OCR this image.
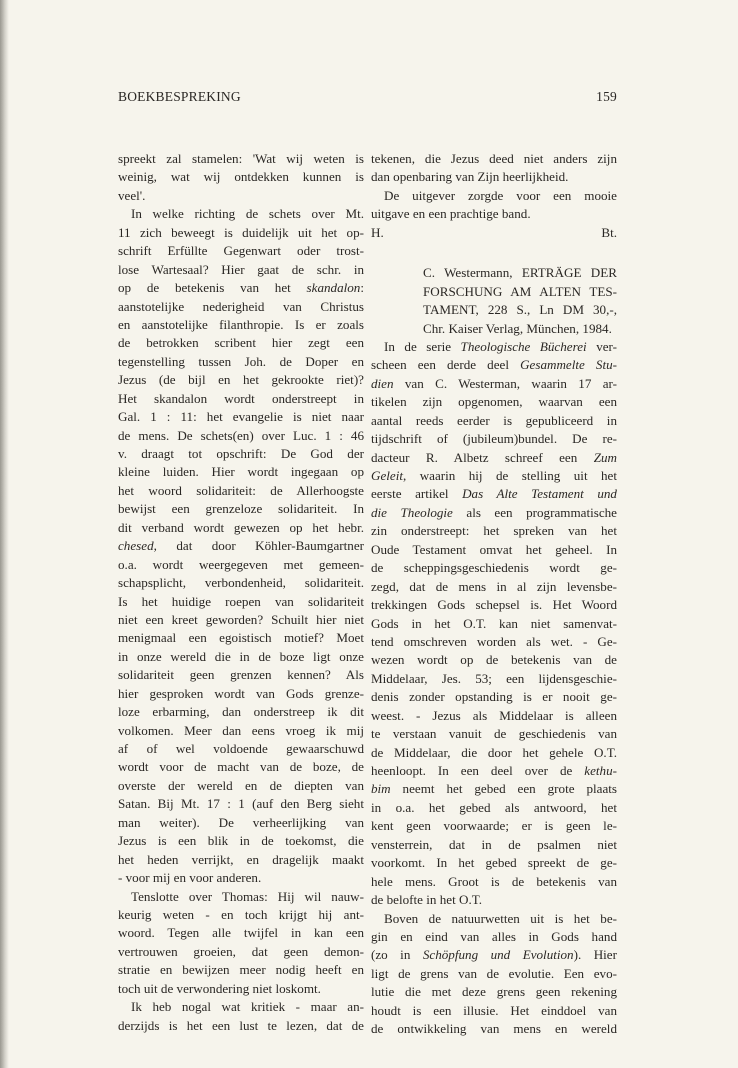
BOEKBESPREKING	159
spreekt zal stamelen: 'Wat wij weten is
weinig, wat wij ontdekken kunnen is
veel'.
In welke richting de schets over Mt.
11 zich beweegt is duidelijk uit het op-
schrift Erfüllte Gegenwart oder trost-
lose Wartesaal? Hier gaat de schr. in
op de betekenis van het skandalon:
aanstotelijke nederigheid van Christus
en aanstotelijke filanthropie. Is er zoals
de betrokken scribent hier zegt een
tegenstelling tussen Joh. de Doper en
Jezus (de bijl en het gekrookte riet)?
Het skandalon wordt onderstreept in
Gal. 1 : 11: het evangelie is niet naar
de mens. De schets(en) over Luc. 1 : 46
v. draagt tot opschrift: De God der
kleine luiden. Hier wordt ingegaan op
het woord solidariteit: de Allerhoogste
bewijst een grenzeloze solidariteit. In
dit verband wordt gewezen op het hebr.
chesed, dat door Köhler-Baumgartner
o.a. wordt weergegeven met gemeen-
schapsplicht, verbondenheid, solidariteit.
Is het huidige roepen van solidariteit
niet een kreet geworden? Schuilt hier niet
menigmaal een egoistisch motief? Moet
in onze wereld die in de boze ligt onze
solidariteit geen grenzen kennen? Als
hier gesproken wordt van Gods grenze-
loze erbarming, dan onderstreep ik dit
volkomen. Meer dan eens vroeg ik mij
af of wel voldoende gewaarschuwd
wordt voor de macht van de boze, de
overste der wereld en de diepten van
Satan. Bij Mt. 17 : 1 (auf den Berg sieht
man weiter). De verheerlijking van
Jezus is een blik in de toekomst, die
het heden verrijkt, en dragelijk maakt
- voor mij en voor anderen.
Tenslotte over Thomas: Hij wil nauw-
keurig weten - en toch krijgt hij ant-
woord. Tegen alle twijfel in kan een
vertrouwen groeien, dat geen demon-
stratie en bewijzen meer nodig heeft en
toch uit de verwondering niet loskomt.
Ik heb nogal wat kritiek - maar an-
derzijds is het een lust te lezen, dat de
tekenen, die Jezus deed niet anders zijn
dan openbaring van Zijn heerlijkheid.
De uitgever zorgde voor een mooie
uitgave en een prachtige band.
H.	Bt.
C. Westermann, ERTRÄGE DER
FORSCHUNG AM ALTEN TES-
TAMENT, 228 S., Ln DM 30,-,
Chr. Kaiser Verlag, München, 1984.
In de serie Theologische Bücherei ver-
scheen een derde deel Gesammelte Stu-
dien van C. Westerman, waarin 17 ar-
tikelen zijn opgenomen, waarvan een
aantal reeds eerder is gepubliceerd in
tijdschrift of (jubileum)bundel. De re-
dacteur R. Albetz schreef een Zum
Geleit, waarin hij de stelling uit het
eerste artikel Das Alte Testament und
die Theologie als een programmatische
zin onderstreept: het spreken van het
Oude Testament omvat het geheel. In
de scheppingsgeschiedenis wordt ge-
zegd, dat de mens in al zijn levensbe-
trekkingen Gods schepsel is. Het Woord
Gods in het O.T. kan niet samenvat-
tend omschreven worden als wet. - Ge-
wezen wordt op de betekenis van de
Middelaar, Jes. 53; een lijdensgeschie-
denis zonder opstanding is er nooit ge-
weest. - Jezus als Middelaar is alleen
te verstaan vanuit de geschiedenis van
de Middelaar, die door het gehele O.T.
heenloopt. In een deel over de kethu-
bim neemt het gebed een grote plaats
in o.a. het gebed als antwoord, het
kent geen voorwaarde; er is geen le-
vensterrein, dat in de psalmen niet
voorkomt. In het gebed spreekt de ge-
hele mens. Groot is de betekenis van
de belofte in het O.T.
Boven de natuurwetten uit is het be-
gin en eind van alles in Gods hand
(zo in Schöpfung und Evolution). Hier
ligt de grens van de evolutie. Een evo-
lutie die met deze grens geen rekening
houdt is een illusie. Het einddoel van
de ontwikkeling van mens en wereld
